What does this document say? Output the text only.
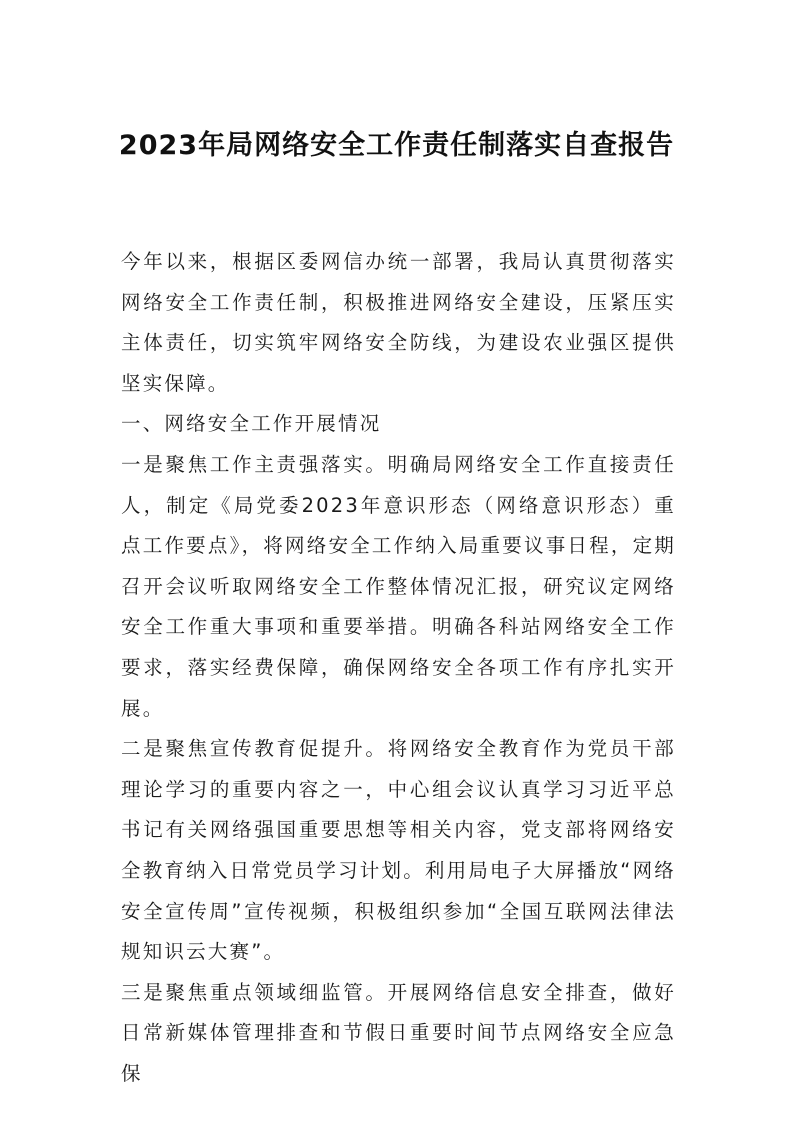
2023年局网络安全工作责任制落实自查报告

今年以来，根据区委网信办统一部署，我局认真贯彻落实网络安全工作责任制，积极推进网络安全建设，压紧压实主体责任，切实筑牢网络安全防线，为建设农业强区提供坚实保障。

一、网络安全工作开展情况

一是聚焦工作主责强落实。明确局网络安全工作直接责任人，制定《局党委2023年意识形态（网络意识形态）重点工作要点》，将网络安全工作纳入局重要议事日程，定期召开会议听取网络安全工作整体情况汇报，研究议定网络安全工作重大事项和重要举措。明确各科站网络安全工作要求，落实经费保障，确保网络安全各项工作有序扎实开展。

二是聚焦宣传教育促提升。将网络安全教育作为党员干部理论学习的重要内容之一，中心组会议认真学习习近平总书记有关网络强国重要思想等相关内容，党支部将网络安全教育纳入日常党员学习计划。利用局电子大屏播放“网络安全宣传周”宣传视频，积极组织参加“全国互联网法律法规知识云大赛”。

三是聚焦重点领域细监管。开展网络信息安全排查，做好日常新媒体管理排查和节假日重要时间节点网络安全应急保
